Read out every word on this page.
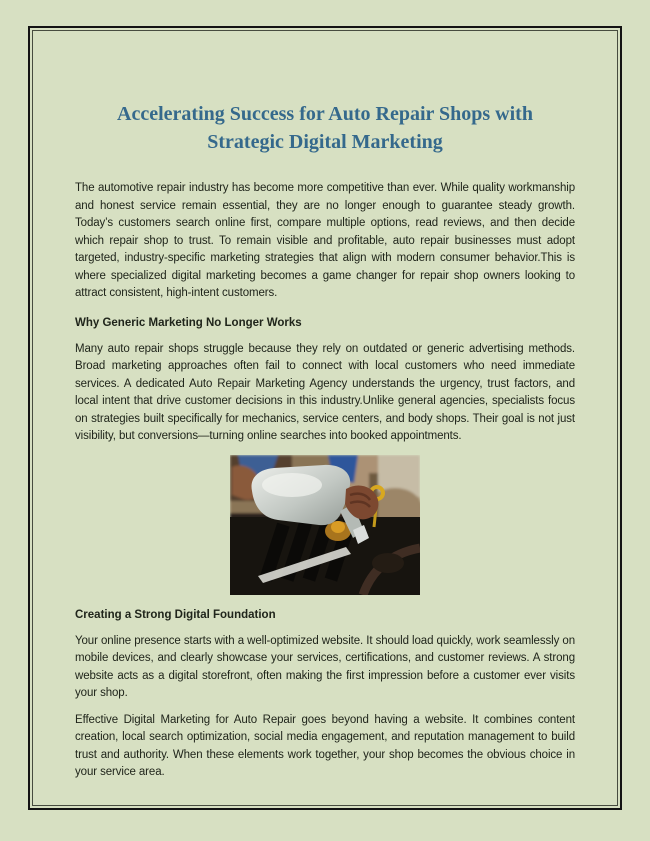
Accelerating Success for Auto Repair Shops with Strategic Digital Marketing

The automotive repair industry has become more competitive than ever. While quality workmanship and honest service remain essential, they are no longer enough to guarantee steady growth. Today’s customers search online first, compare multiple options, read reviews, and then decide which repair shop to trust. To remain visible and profitable, auto repair businesses must adopt targeted, industry-specific marketing strategies that align with modern consumer behavior.This is where specialized digital marketing becomes a game changer for repair shop owners looking to attract consistent, high-intent customers.

Why Generic Marketing No Longer Works

Many auto repair shops struggle because they rely on outdated or generic advertising methods. Broad marketing approaches often fail to connect with local customers who need immediate services. A dedicated Auto Repair Marketing Agency understands the urgency, trust factors, and local intent that drive customer decisions in this industry.Unlike general agencies, specialists focus on strategies built specifically for mechanics, service centers, and body shops. Their goal is not just visibility, but conversions—turning online searches into booked appointments.

Creating a Strong Digital Foundation

Your online presence starts with a well-optimized website. It should load quickly, work seamlessly on mobile devices, and clearly showcase your services, certifications, and customer reviews. A strong website acts as a digital storefront, often making the first impression before a customer ever visits your shop.

Effective Digital Marketing for Auto Repair goes beyond having a website. It combines content creation, local search optimization, social media engagement, and reputation management to build trust and authority. When these elements work together, your shop becomes the obvious choice in your service area.
